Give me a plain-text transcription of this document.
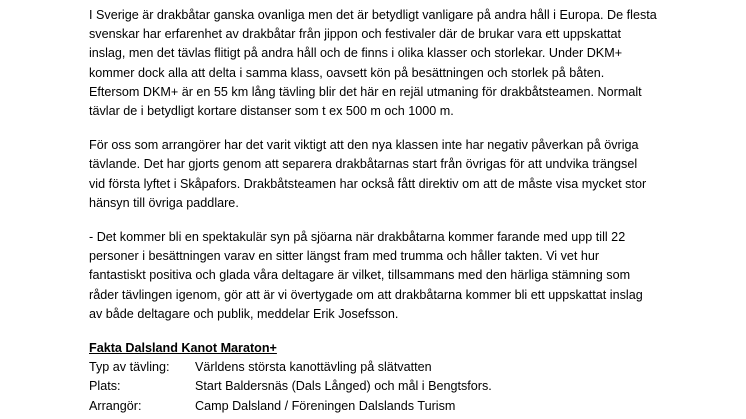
I Sverige är drakbåtar ganska ovanliga men det är betydligt vanligare på andra håll i Europa. De flesta
svenskar har erfarenhet av drakbåtar från jippon och festivaler där de brukar vara ett uppskattat
inslag, men det tävlas flitigt på andra håll och de finns i olika klasser och storlekar. Under DKM+
kommer dock alla att delta i samma klass, oavsett kön på besättningen och storlek på båten.
Eftersom DKM+ är en 55 km lång tävling blir det här en rejäl utmaning för drakbåtsteamen. Normalt
tävlar de i betydligt kortare distanser som t ex 500 m och 1000 m.

För oss som arrangörer har det varit viktigt att den nya klassen inte har negativ påverkan på övriga
tävlande. Det har gjorts genom att separera drakbåtarnas start från övrigas för att undvika trängsel
vid första lyftet i Skåpafors. Drakbåtsteamen har också fått direktiv om att de måste visa mycket stor
hänsyn till övriga paddlare.

- Det kommer bli en spektakulär syn på sjöarna när drakbåtarna kommer farande med upp till 22
personer i besättningen varav en sitter längst fram med trumma och håller takten. Vi vet hur
fantastiskt positiva och glada våra deltagare är vilket, tillsammans med den härliga stämning som
råder tävlingen igenom, gör att är vi övertygade om att drakbåtarna kommer bli ett uppskattat inslag
av både deltagare och publik, meddelar Erik Josefsson.

Fakta Dalsland Kanot Maraton+

Typ av tävling:	Världens största kanottävling på slätvatten
Plats:	Start Baldersnäs (Dals Långed) och mål i Bengtsfors.
Arrangör:	Camp Dalsland / Föreningen Dalslands Turism
